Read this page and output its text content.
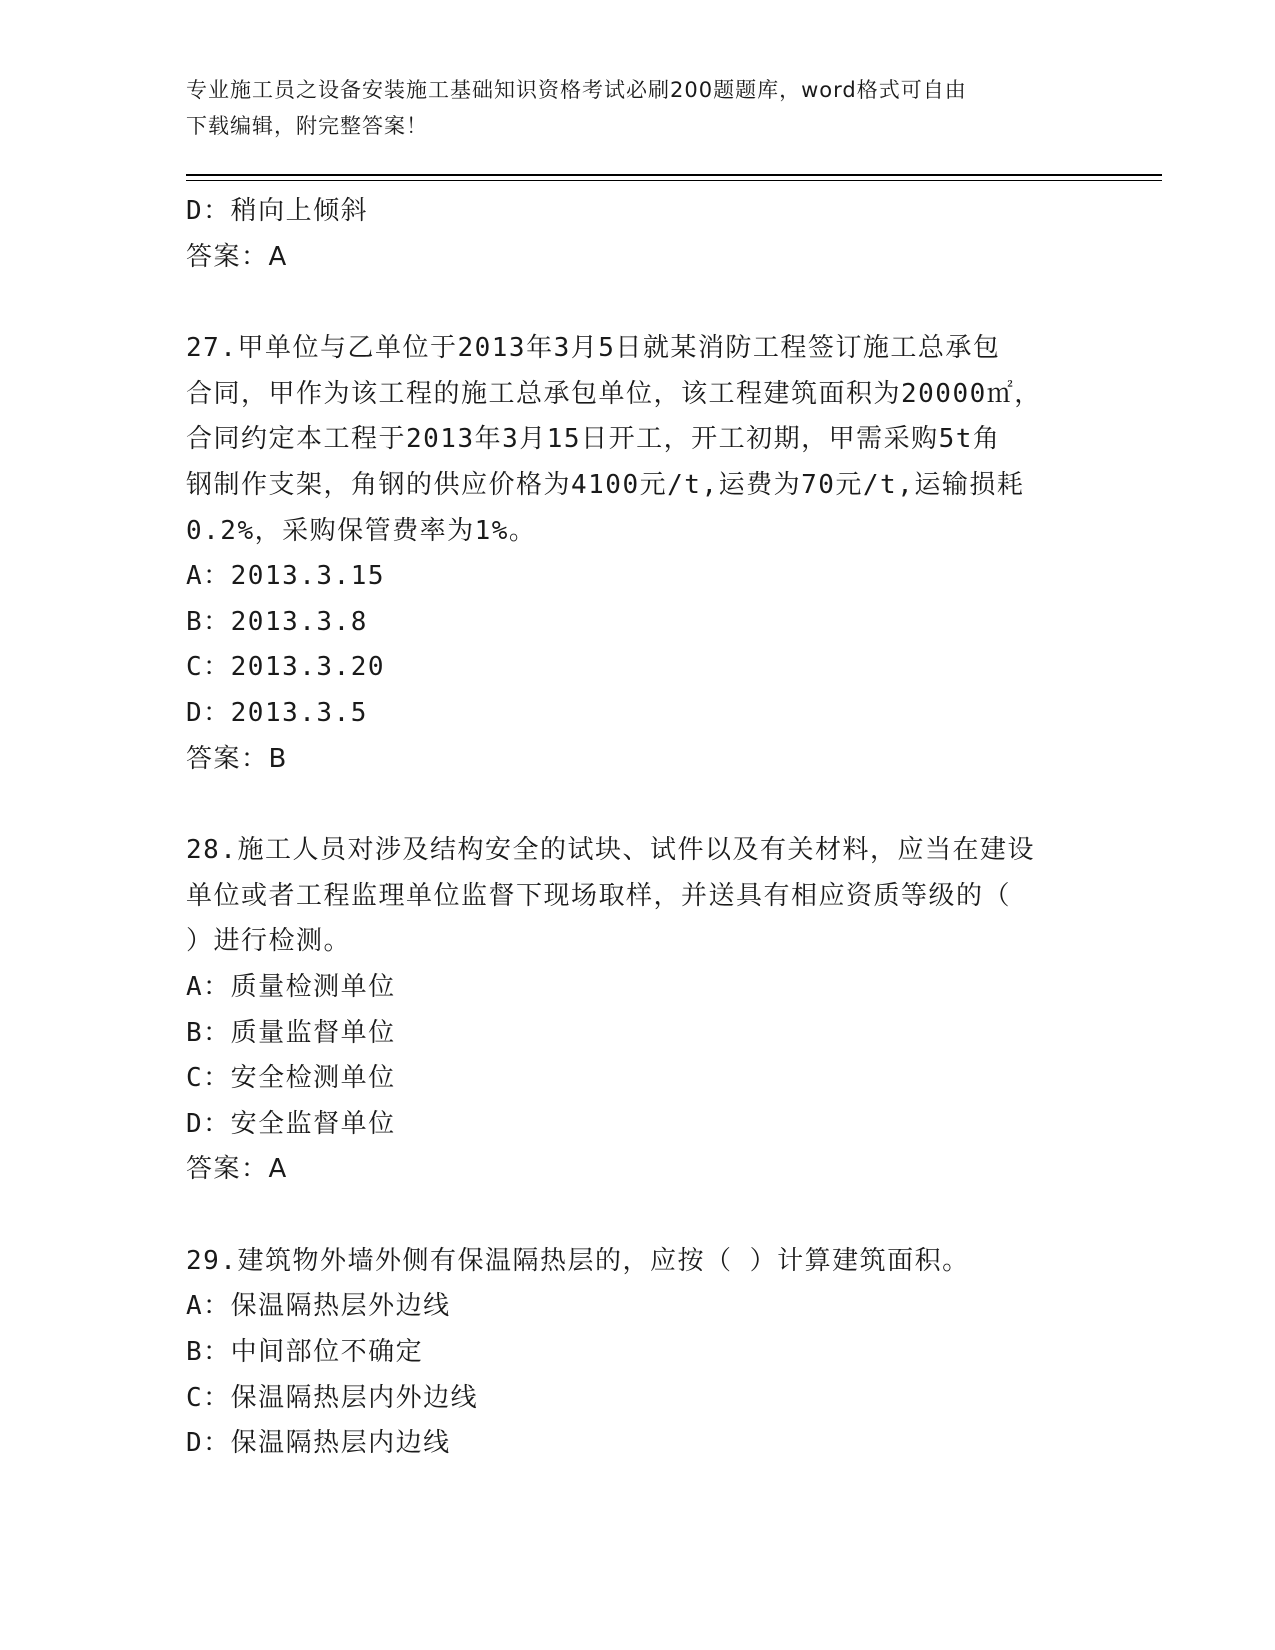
专业施工员之设备安装施工基础知识资格考试必刷200题题库，word格式可自由
下载编辑，附完整答案！
D：稍向上倾斜
答案：A
27.甲单位与乙单位于2013年3月5日就某消防工程签订施工总承包
合同，甲作为该工程的施工总承包单位，该工程建筑面积为20000㎡，
合同约定本工程于2013年3月15日开工，开工初期，甲需采购5t角
钢制作支架，角钢的供应价格为4100元/t,运费为70元/t,运输损耗
0.2%，采购保管费率为1%。
A：2013.3.15
B：2013.3.8
C：2013.3.20
D：2013.3.5
答案：B
28.施工人员对涉及结构安全的试块、试件以及有关材料，应当在建设
单位或者工程监理单位监督下现场取样，并送具有相应资质等级的（
）进行检测。
A：质量检测单位
B：质量监督单位
C：安全检测单位
D：安全监督单位
答案：A
29.建筑物外墙外侧有保温隔热层的，应按（ ）计算建筑面积。
A：保温隔热层外边线
B：中间部位不确定
C：保温隔热层内外边线
D：保温隔热层内边线
